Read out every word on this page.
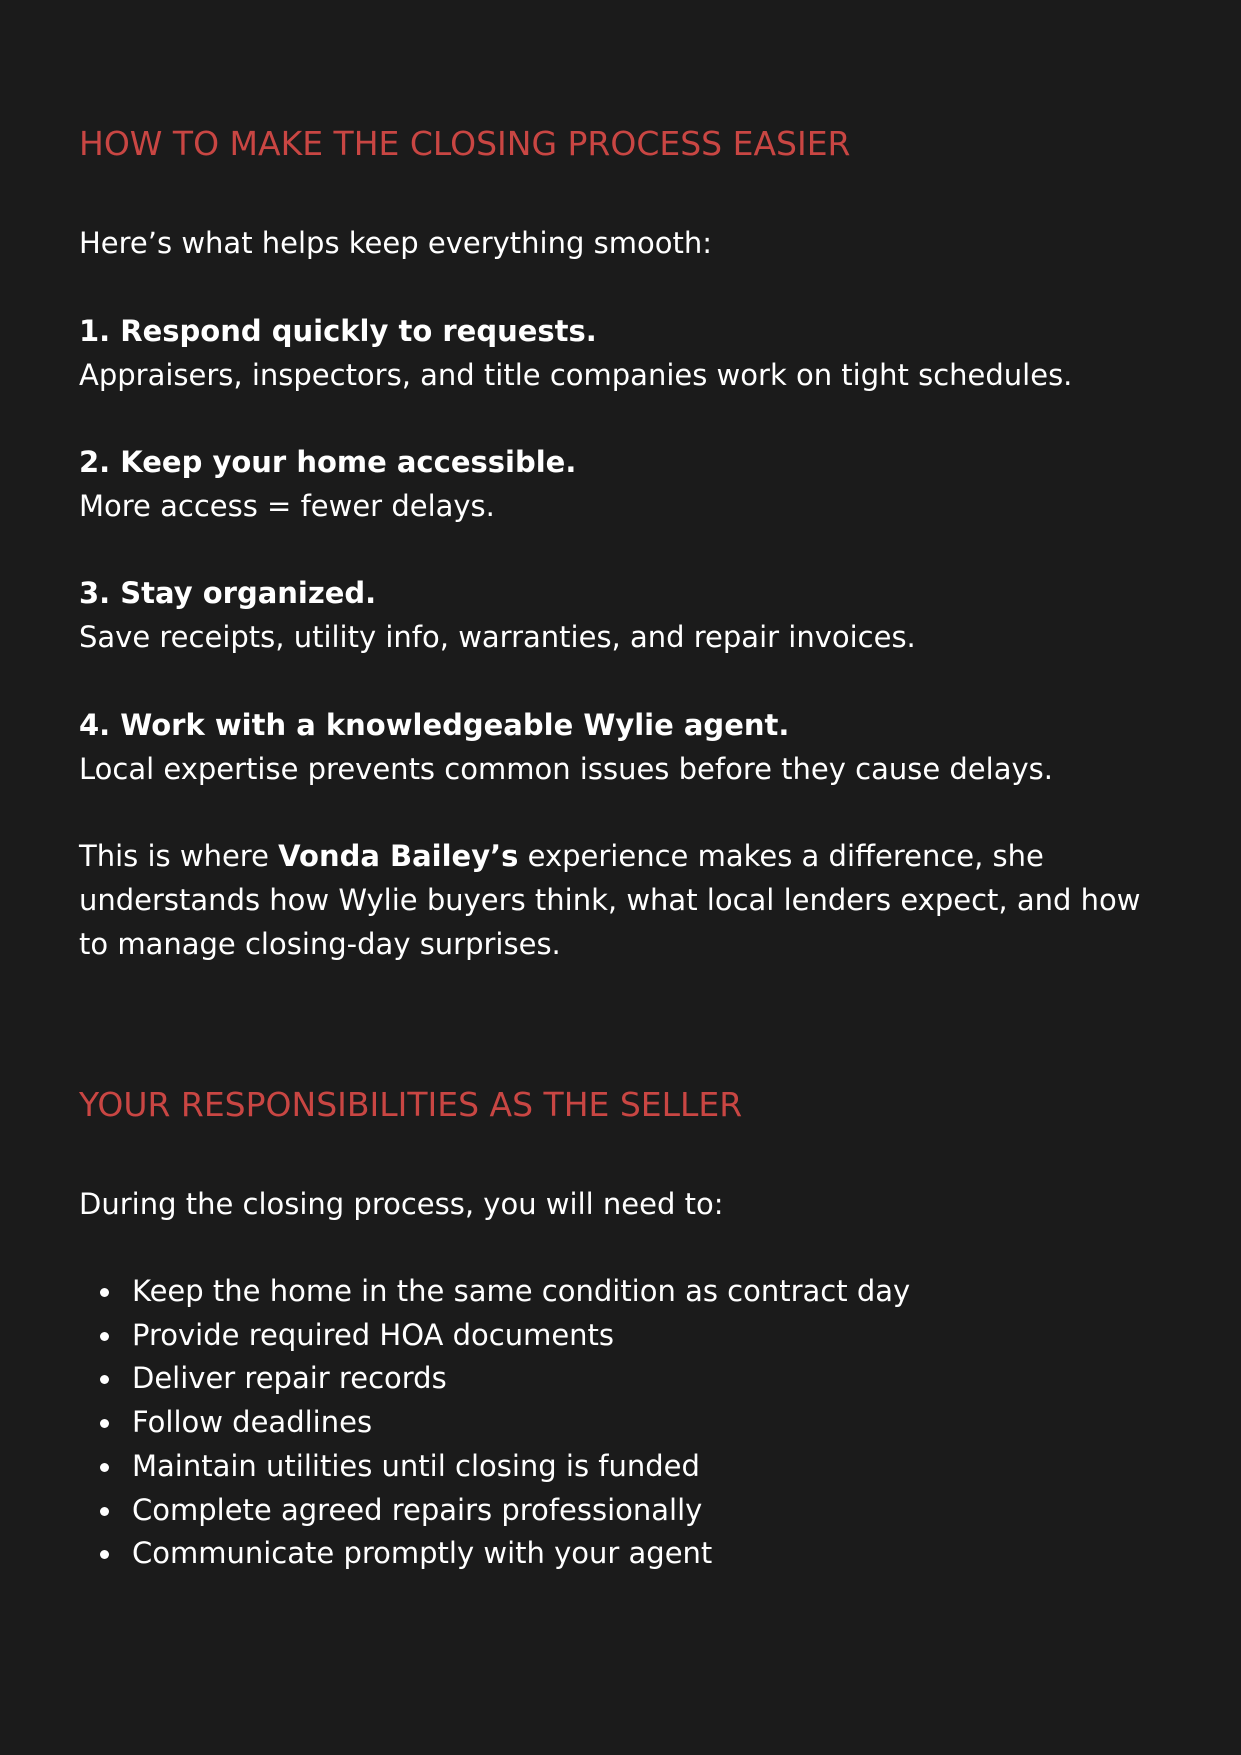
HOW TO MAKE THE CLOSING PROCESS EASIER

Here’s what helps keep everything smooth:

1. Respond quickly to requests.
Appraisers, inspectors, and title companies work on tight schedules.
2. Keep your home accessible.
More access = fewer delays.
3. Stay organized.
Save receipts, utility info, warranties, and repair invoices.
4. Work with a knowledgeable Wylie agent.
Local expertise prevents common issues before they cause delays.

This is where Vonda Bailey’s experience makes a difference, she understands how Wylie buyers think, what local lenders expect, and how to manage closing-day surprises.

YOUR RESPONSIBILITIES AS THE SELLER

During the closing process, you will need to:

Keep the home in the same condition as contract day
Provide required HOA documents
Deliver repair records
Follow deadlines
Maintain utilities until closing is funded
Complete agreed repairs professionally
Communicate promptly with your agent
